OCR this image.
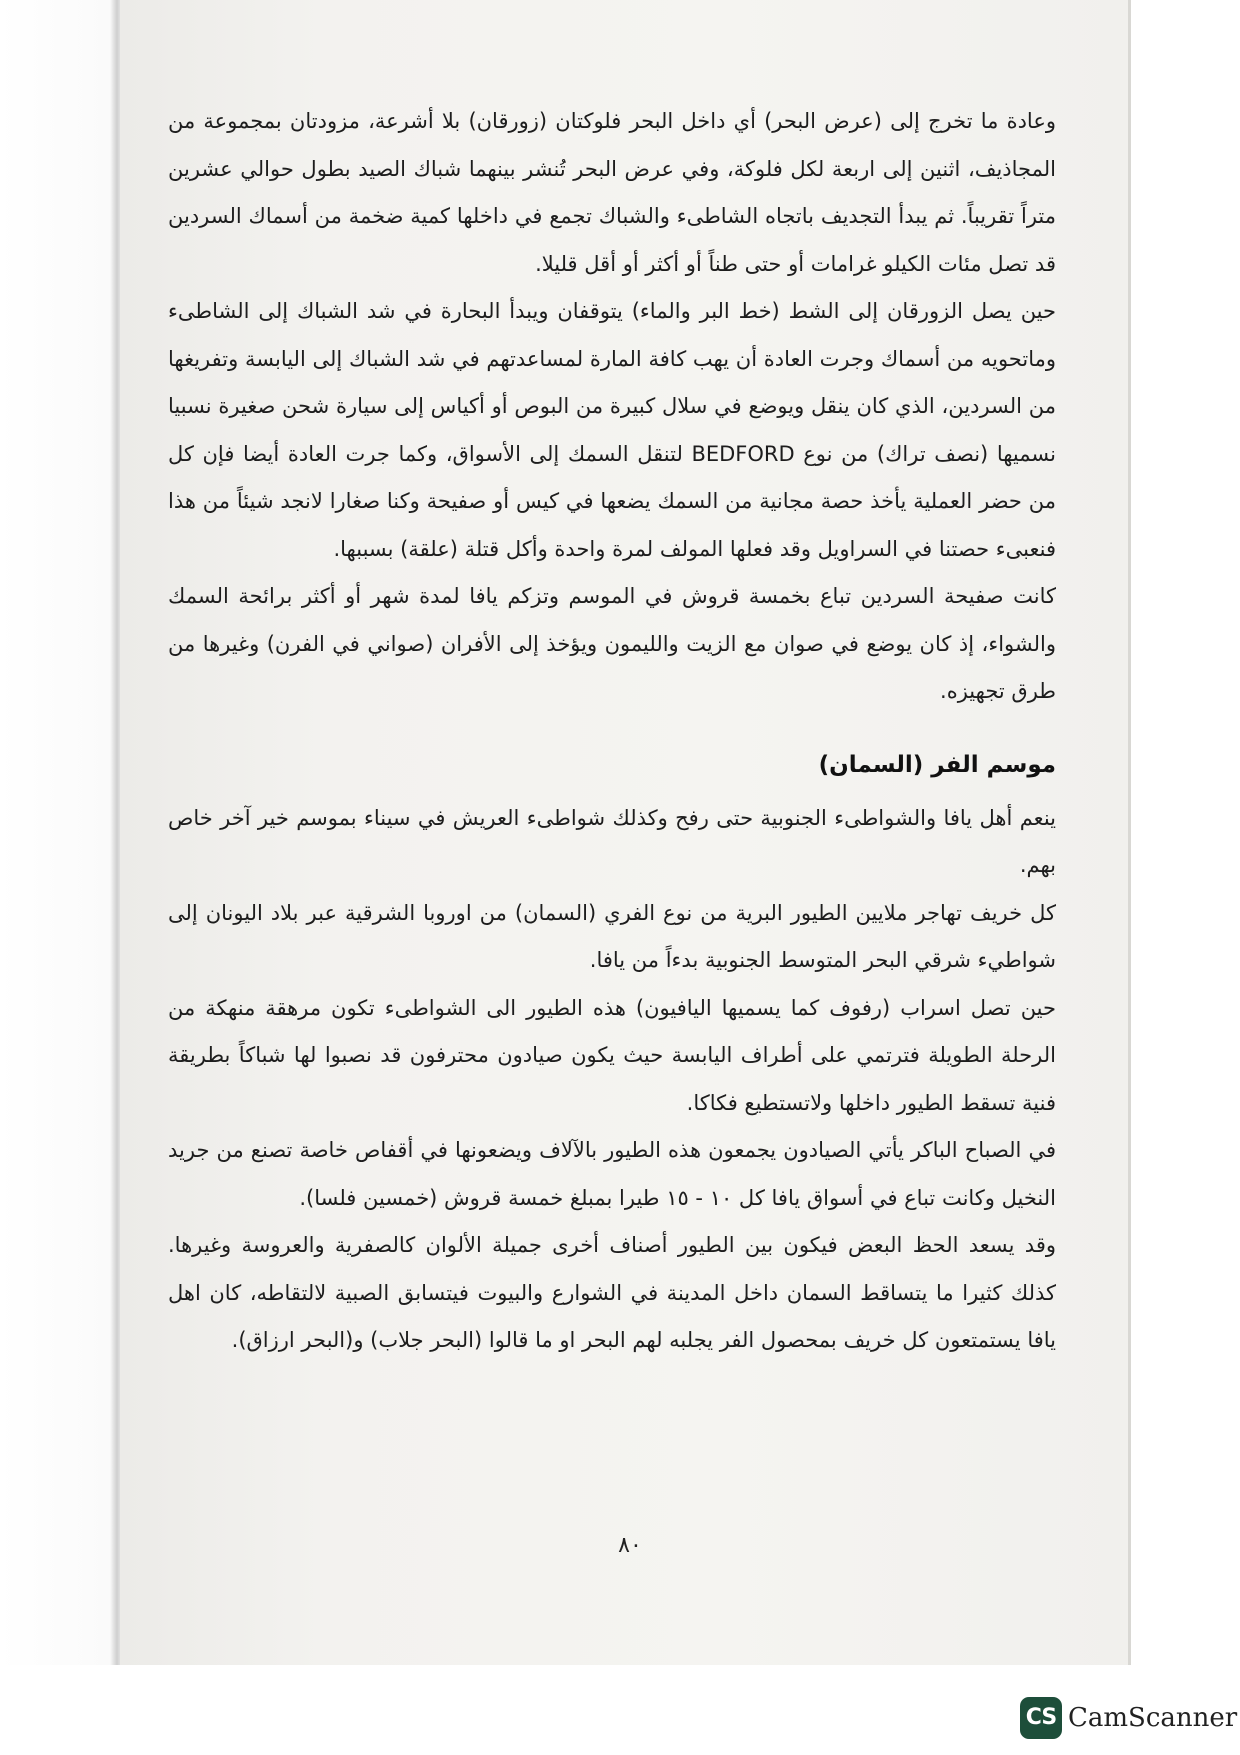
وعادة ما تخرج إلى (عرض البحر) أي داخل البحر فلوكتان (زورقان) بلا أشرعة، مزودتان بمجموعة من المجاذيف، اثنين إلى اربعة لكل فلوكة، وفي عرض البحر تُنشر بينهما شباك الصيد بطول حوالي عشرين متراً تقريباً. ثم يبدأ التجديف باتجاه الشاطىء والشباك تجمع في داخلها كمية ضخمة من أسماك السردين قد تصل مئات الكيلو غرامات أو حتى طناً أو أكثر أو أقل قليلا.

حين يصل الزورقان إلى الشط (خط البر والماء) يتوقفان ويبدأ البحارة في شد الشباك إلى الشاطىء وماتحويه من أسماك وجرت العادة أن يهب كافة المارة لمساعدتهم في شد الشباك إلى اليابسة وتفريغها من السردين، الذي كان ينقل ويوضع في سلال كبيرة من البوص أو أكياس إلى سيارة شحن صغيرة نسبيا نسميها (نصف تراك) من نوع BEDFORD لتنقل السمك إلى الأسواق، وكما جرت العادة أيضا فإن كل من حضر العملية يأخذ حصة مجانية من السمك يضعها في كيس أو صفيحة وكنا صغارا لانجد شيئاً من هذا فنعبىء حصتنا في السراويل وقد فعلها المولف لمرة واحدة وأكل قتلة (علقة) بسببها.

كانت صفيحة السردين تباع بخمسة قروش في الموسم وتزكم يافا لمدة شهر أو أكثر برائحة السمك والشواء، إذ كان يوضع في صوان مع الزيت والليمون ويؤخذ إلى الأفران (صواني في الفرن) وغيرها من طرق تجهيزه.

موسم الفر (السمان)

ينعم أهل يافا والشواطىء الجنوبية حتى رفح وكذلك شواطىء العريش في سيناء بموسم خير آخر خاص بهم.

كل خريف تهاجر ملايين الطيور البرية من نوع الفري (السمان) من اوروبا الشرقية عبر بلاد اليونان إلى شواطيء شرقي البحر المتوسط الجنوبية بدءاً من يافا.

حين تصل اسراب (رفوف كما يسميها اليافيون) هذه الطيور الى الشواطىء تكون مرهقة منهكة من الرحلة الطويلة فترتمي على أطراف اليابسة حيث يكون صيادون محترفون قد نصبوا لها شباكاً بطريقة فنية تسقط الطيور داخلها ولاتستطيع فكاكا.

في الصباح الباكر يأتي الصيادون يجمعون هذه الطيور بالآلاف ويضعونها في أقفاص خاصة تصنع من جريد النخيل وكانت تباع في أسواق يافا كل ١٠ - ١٥ طيرا بمبلغ خمسة قروش (خمسين فلسا).

وقد يسعد الحظ البعض فيكون بين الطيور أصناف أخرى جميلة الألوان كالصفرية والعروسة وغيرها. كذلك كثيرا ما يتساقط السمان داخل المدينة في الشوارع والبيوت فيتسابق الصبية لالتقاطه، كان اهل يافا يستمتعون كل خريف بمحصول الفر يجلبه لهم البحر او ما قالوا (البحر جلاب) و(البحر ارزاق).

٨٠
CS CamScanner
